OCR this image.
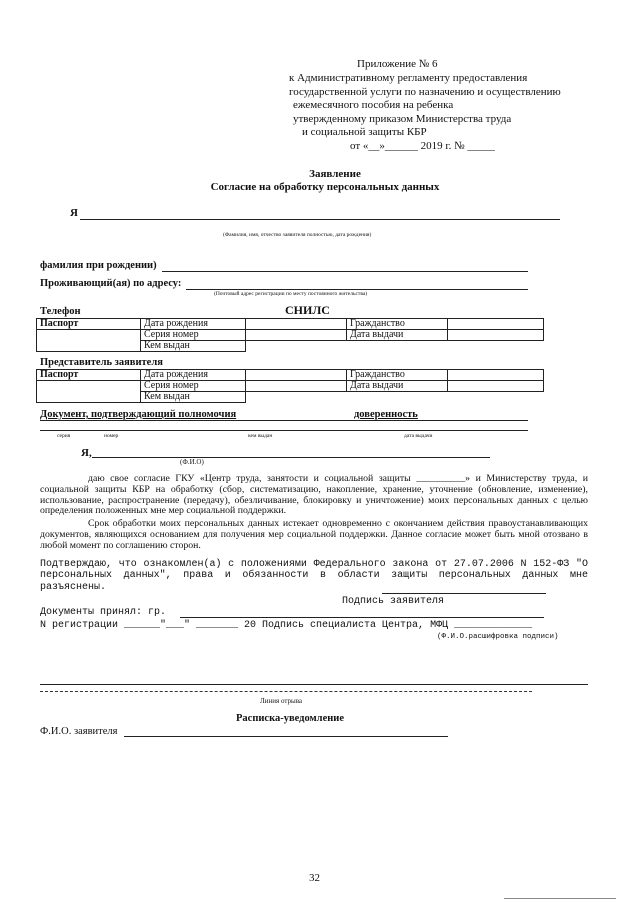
Приложение № 6
к Административному регламенту предоставления
государственной услуги по назначению и осуществлению
ежемесячного пособия на ребенка
утвержденному приказом Министерства труда
и социальной защиты КБР
от «__»______ 2019 г. № _____
Заявление
Согласие на обработку персональных данных
Я
(Фамилия, имя, отчество заявителя полностью, дата рождения)
фамилия при рождении)
Проживающий(ая) по адресу:
(Почтовый адрес регистрации по месту постоянного жительства)
Телефон	СНИЛС
Паспорт	Дата рождения		Гражданство	
	Серия номер		Дата выдачи	
	Кем выдан			
Представитель заявителя
Паспорт	Дата рождения		Гражданство	
	Серия номер		Дата выдачи	
	Кем выдан			
Документ, подтверждающий полномочия	доверенность
серия	номер	кем выдан	дата выдачи
Я,
(Ф.И.О)
даю свое согласие ГКУ «Центр труда, занятости и социальной защиты __________» и Министерству труда, и социальной защиты КБР на обработку (сбор, систематизацию, накопление, хранение, уточнение (обновление, изменение), использование, распространение (передачу), обезличивание, блокировку и уничтожение) моих персональных данных с целью определения положенных мне мер социальной поддержки.
Срок обработки моих персональных данных истекает одновременно с окончанием действия правоустанавливающих документов, являющихся основанием для получения мер социальной поддержки. Данное согласие может быть мной отозвано в любой момент по соглашению сторон.
Подтверждаю, что ознакомлен(а) с положениями Федерального закона от 27.07.2006 N 152-ФЗ "О персональных данных", права и обязанности в области защиты персональных данных мне разъяснены.
Подпись заявителя
Документы принял: гр.
N регистрации ______"___" _______ 20 Подпись специалиста Центра, МФЦ _____________
(Ф.И.О.расшифровка подписи)
Линия отрыва
Расписка-уведомление
Ф.И.О. заявителя
32
